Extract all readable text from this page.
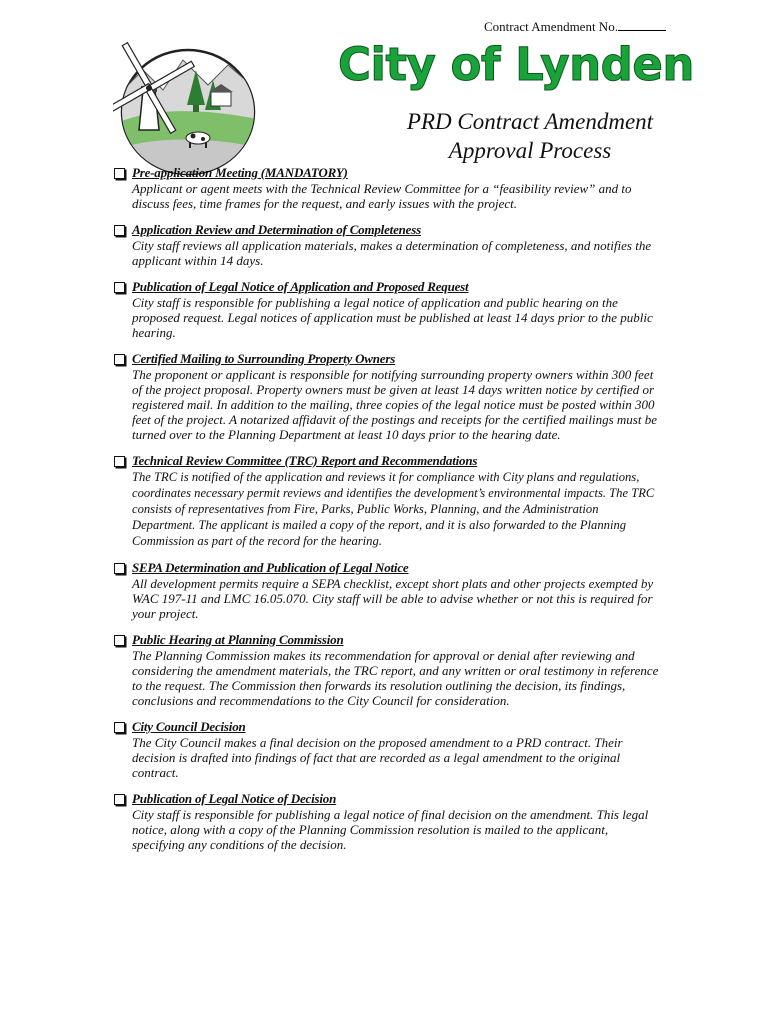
Contract Amendment No.
City of Lynden
PRD Contract Amendment
Approval Process
Pre-application Meeting (MANDATORY)
Applicant or agent meets with the Technical Review Committee for a “feasibility review” and to discuss fees, time frames for the request, and early issues with the project.
Application Review and Determination of Completeness
City staff reviews all application materials, makes a determination of completeness, and notifies the applicant within 14 days.
Publication of Legal Notice of Application and Proposed Request
City staff is responsible for publishing a legal notice of application and public hearing on the proposed request. Legal notices of application must be published at least 14 days prior to the public hearing.
Certified Mailing to Surrounding Property Owners
The proponent or applicant is responsible for notifying surrounding property owners within 300 feet of the project proposal. Property owners must be given at least 14 days written notice by certified or registered mail. In addition to the mailing, three copies of the legal notice must be posted within 300 feet of the project. A notarized affidavit of the postings and receipts for the certified mailings must be turned over to the Planning Department at least 10 days prior to the hearing date.
Technical Review Committee (TRC) Report and Recommendations
The TRC is notified of the application and reviews it for compliance with City plans and regulations, coordinates necessary permit reviews and identifies the development’s environmental impacts. The TRC consists of representatives from Fire, Parks, Public Works, Planning, and the Administration Department. The applicant is mailed a copy of the report, and it is also forwarded to the Planning Commission as part of the record for the hearing.
SEPA Determination and Publication of Legal Notice
All development permits require a SEPA checklist, except short plats and other projects exempted by WAC 197-11 and LMC 16.05.070. City staff will be able to advise whether or not this is required for your project.
Public Hearing at Planning Commission
The Planning Commission makes its recommendation for approval or denial after reviewing and considering the amendment materials, the TRC report, and any written or oral testimony in reference to the request. The Commission then forwards its resolution outlining the decision, its findings, conclusions and recommendations to the City Council for consideration.
City Council Decision
The City Council makes a final decision on the proposed amendment to a PRD contract. Their decision is drafted into findings of fact that are recorded as a legal amendment to the original contract.
Publication of Legal Notice of Decision
City staff is responsible for publishing a legal notice of final decision on the amendment. This legal notice, along with a copy of the Planning Commission resolution is mailed to the applicant, specifying any conditions of the decision.
